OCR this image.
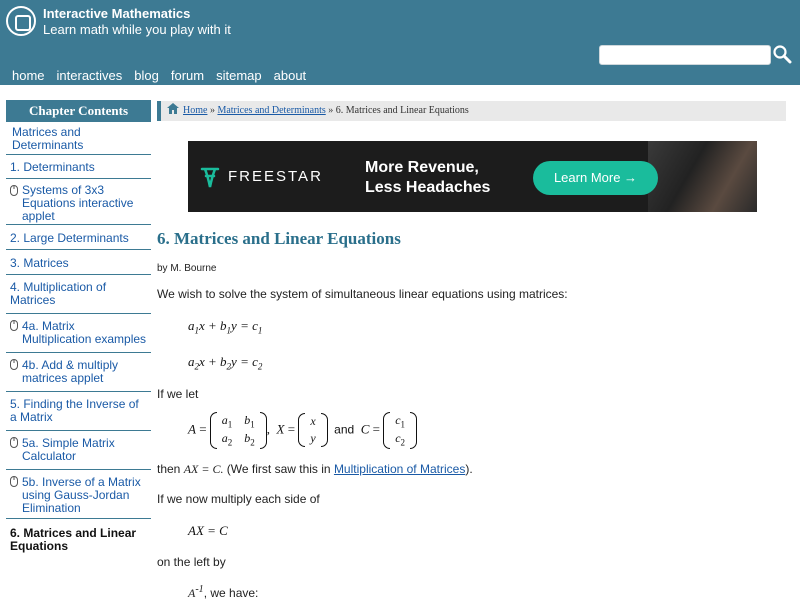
Interactive Mathematics
Learn math while you play with it
home interactives blog forum sitemap about
Chapter Contents
Matrices and Determinants
1. Determinants
Systems of 3x3 Equations interactive applet
2. Large Determinants
3. Matrices
4. Multiplication of Matrices
4a. Matrix Multiplication examples
4b. Add & multiply matrices applet
5. Finding the Inverse of a Matrix
5a. Simple Matrix Calculator
5b. Inverse of a Matrix using Gauss-Jordan Elimination
6. Matrices and Linear Equations
Home » Matrices and Determinants » 6. Matrices and Linear Equations
FREESTAR
More Revenue,
Less Headaches
Learn More →
6. Matrices and Linear Equations
by M. Bourne
We wish to solve the system of simultaneous linear equations using matrices:
$a_1x + b_1y = c_1$
$a_2x + b_2y = c_2$
If we let
A =
$a_1$	$b_1$
$a_2$	$b_2$
,  X = x
y
and C =
$c_1$
$c_2$
then AX = C. (We first saw this in Multiplication of Matrices).
If we now multiply each side of
AX = C
on the left by
$A^{-1}$, we have:
